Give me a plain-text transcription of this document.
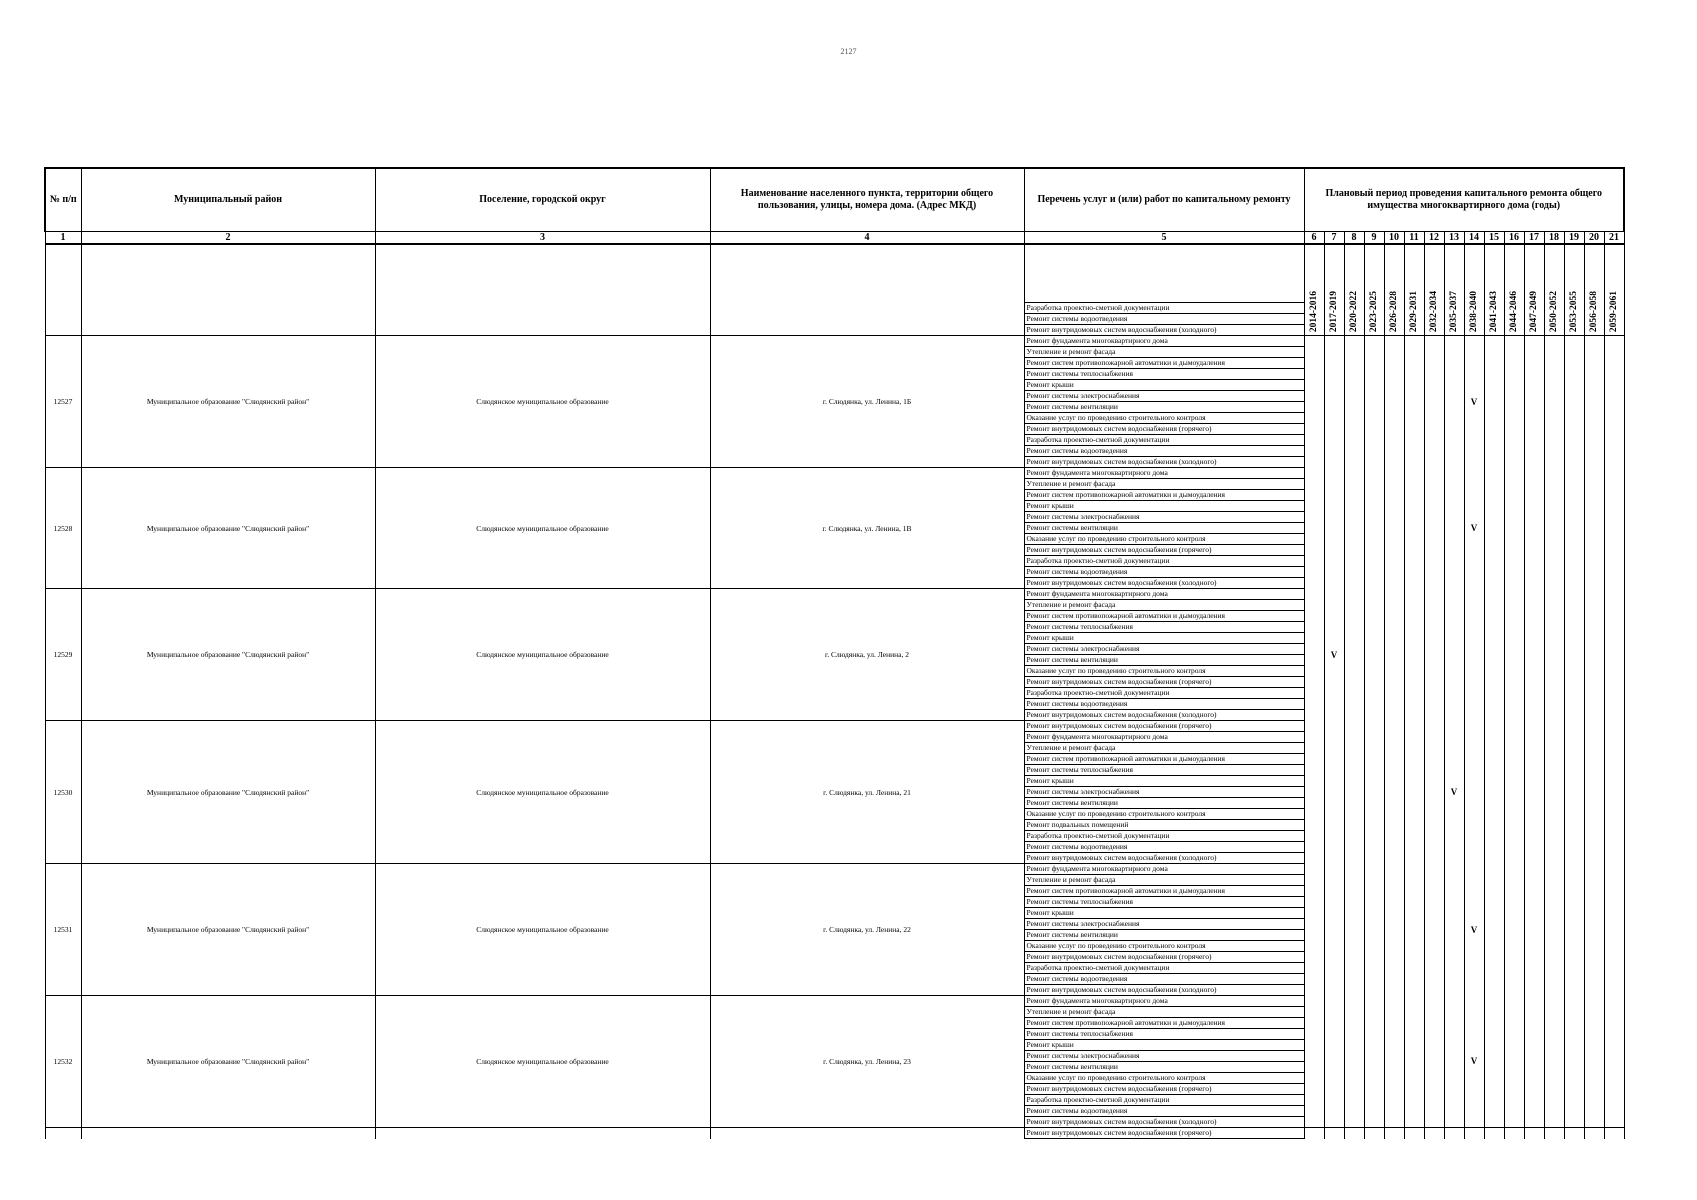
2127
№ п/п	Муниципальный район	Поселение, городской округ	Наименование населенного пункта, территории общего пользования, улицы, номера дома. (Адрес МКД)	Перечень услуг и (или) работ по капитальному ремонту	Плановый период проведения капитального ремонта общего имущества многоквартирного дома (годы)															
1	2	3	4	5	6	7	8	9	10	11	12	13	14	15	16	17	18	19	20	21

					2014-2016	2017-2019	2020-2022	2023-2025	2026-2028	2029-2031	2032-2034	2035-2037	2038-2040	2041-2043	2044-2046	2047-2049	2050-2052	2053-2055	2056-2058	2059-2061

				Разработка проектно-сметной документации																
				Ремонт системы водоотведения																
				Ремонт внутридомовых систем водоснабжения (холодного)																
12527	Муниципальное образование "Слюдянский район"	Слюдянское муниципальное образование	г. Слюдянка, ул. Ленина, 1Б	Ремонт фундамента многоквартирного дома									V							
				Утепление и ремонт фасада																
				Ремонт систем противопожарной автоматики и дымоудаления																
				Ремонт системы теплоснабжения																
				Ремонт крыши																
				Ремонт системы электроснабжения																
				Ремонт системы вентиляции																
				Оказание услуг по проведению строительного контроля																
				Ремонт внутридомовых систем водоснабжения (горячего)																
				Разработка проектно-сметной документации																
				Ремонт системы водоотведения																
				Ремонт внутридомовых систем водоснабжения (холодного)																
12528	Муниципальное образование "Слюдянский район"	Слюдянское муниципальное образование	г. Слюдянка, ул. Ленина, 1В	Ремонт фундамента многоквартирного дома									V							
				Утепление и ремонт фасада																
				Ремонт систем противопожарной автоматики и дымоудаления																
				Ремонт крыши																
				Ремонт системы электроснабжения																
				Ремонт системы вентиляции																
				Оказание услуг по проведению строительного контроля																
				Ремонт внутридомовых систем водоснабжения (горячего)																
				Разработка проектно-сметной документации																
				Ремонт системы водоотведения																
				Ремонт внутридомовых систем водоснабжения (холодного)																
12529	Муниципальное образование "Слюдянский район"	Слюдянское муниципальное образование	г. Слюдянка, ул. Ленина, 2	Ремонт фундамента многоквартирного дома		V														
				Утепление и ремонт фасада																
				Ремонт систем противопожарной автоматики и дымоудаления																
				Ремонт системы теплоснабжения																
				Ремонт крыши																
				Ремонт системы электроснабжения																
				Ремонт системы вентиляции																
				Оказание услуг по проведению строительного контроля																
				Ремонт внутридомовых систем водоснабжения (горячего)																
				Разработка проектно-сметной документации																
				Ремонт системы водоотведения																
				Ремонт внутридомовых систем водоснабжения (холодного)																
12530	Муниципальное образование "Слюдянский район"	Слюдянское муниципальное образование	г. Слюдянка, ул. Ленина, 21	Ремонт внутридомовых систем водоснабжения (горячего)								V								
				Ремонт фундамента многоквартирного дома																
				Утепление и ремонт фасада																
				Ремонт систем противопожарной автоматики и дымоудаления																
				Ремонт системы теплоснабжения																
				Ремонт крыши																
				Ремонт системы электроснабжения																
				Ремонт системы вентиляции																
				Оказание услуг по проведению строительного контроля																
				Ремонт подвальных помещений																
				Разработка проектно-сметной документации																
				Ремонт системы водоотведения																
				Ремонт внутридомовых систем водоснабжения (холодного)																
12531	Муниципальное образование "Слюдянский район"	Слюдянское муниципальное образование	г. Слюдянка, ул. Ленина, 22	Ремонт фундамента многоквартирного дома									V							
				Утепление и ремонт фасада																
				Ремонт систем противопожарной автоматики и дымоудаления																
				Ремонт системы теплоснабжения																
				Ремонт крыши																
				Ремонт системы электроснабжения																
				Ремонт системы вентиляции																
				Оказание услуг по проведению строительного контроля																
				Ремонт внутридомовых систем водоснабжения (горячего)																
				Разработка проектно-сметной документации																
				Ремонт системы водоотведения																
				Ремонт внутридомовых систем водоснабжения (холодного)																
12532	Муниципальное образование "Слюдянский район"	Слюдянское муниципальное образование	г. Слюдянка, ул. Ленина, 23	Ремонт фундамента многоквартирного дома									V							
				Утепление и ремонт фасада																
				Ремонт систем противопожарной автоматики и дымоудаления																
				Ремонт системы теплоснабжения																
				Ремонт крыши																
				Ремонт системы электроснабжения																
				Ремонт системы вентиляции																
				Оказание услуг по проведению строительного контроля																
				Ремонт внутридомовых систем водоснабжения (горячего)																
				Разработка проектно-сметной документации																
				Ремонт системы водоотведения																
				Ремонт внутридомовых систем водоснабжения (холодного)																
				Ремонт внутридомовых систем водоснабжения (горячего)																
